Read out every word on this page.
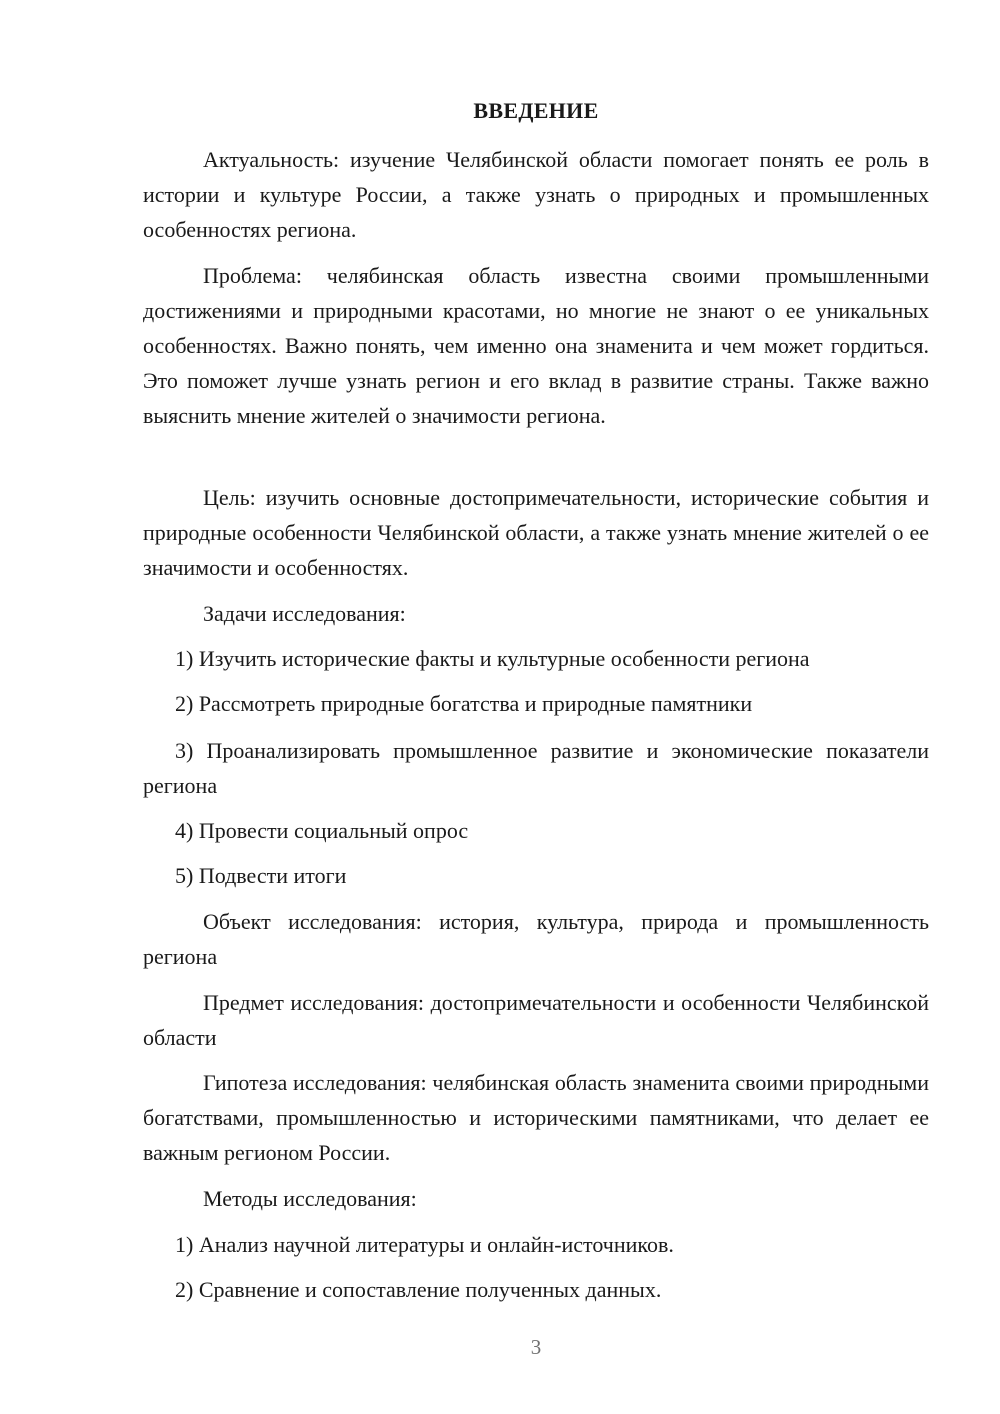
ВВЕДЕНИЕ

Актуальность: изучение Челябинской области помогает понять ее роль в истории и культуре России, а также узнать о природных и промышленных особенностях региона.

Проблема: челябинская область известна своими промышленными достижениями и природными красотами, но многие не знают о ее уникальных особенностях. Важно понять, чем именно она знаменита и чем может гордиться. Это поможет лучше узнать регион и его вклад в развитие страны. Также важно выяснить мнение жителей о значимости региона.

Цель: изучить основные достопримечательности, исторические события и природные особенности Челябинской области, а также узнать мнение жителей о ее значимости и особенностях.

Задачи исследования:

1) Изучить исторические факты и культурные особенности региона

2) Рассмотреть природные богатства и природные памятники

3) Проанализировать промышленное развитие и экономические показатели региона

4) Провести социальный опрос

5) Подвести итоги

Объект исследования: история, культура, природа и промышленность региона

Предмет исследования: достопримечательности и особенности Челябинской области

Гипотеза исследования: челябинская область знаменита своими природными богатствами, промышленностью и историческими памятниками, что делает ее важным регионом России.

Методы исследования:

1) Анализ научной литературы и онлайн-источников.

2) Сравнение и сопоставление полученных данных.

3
